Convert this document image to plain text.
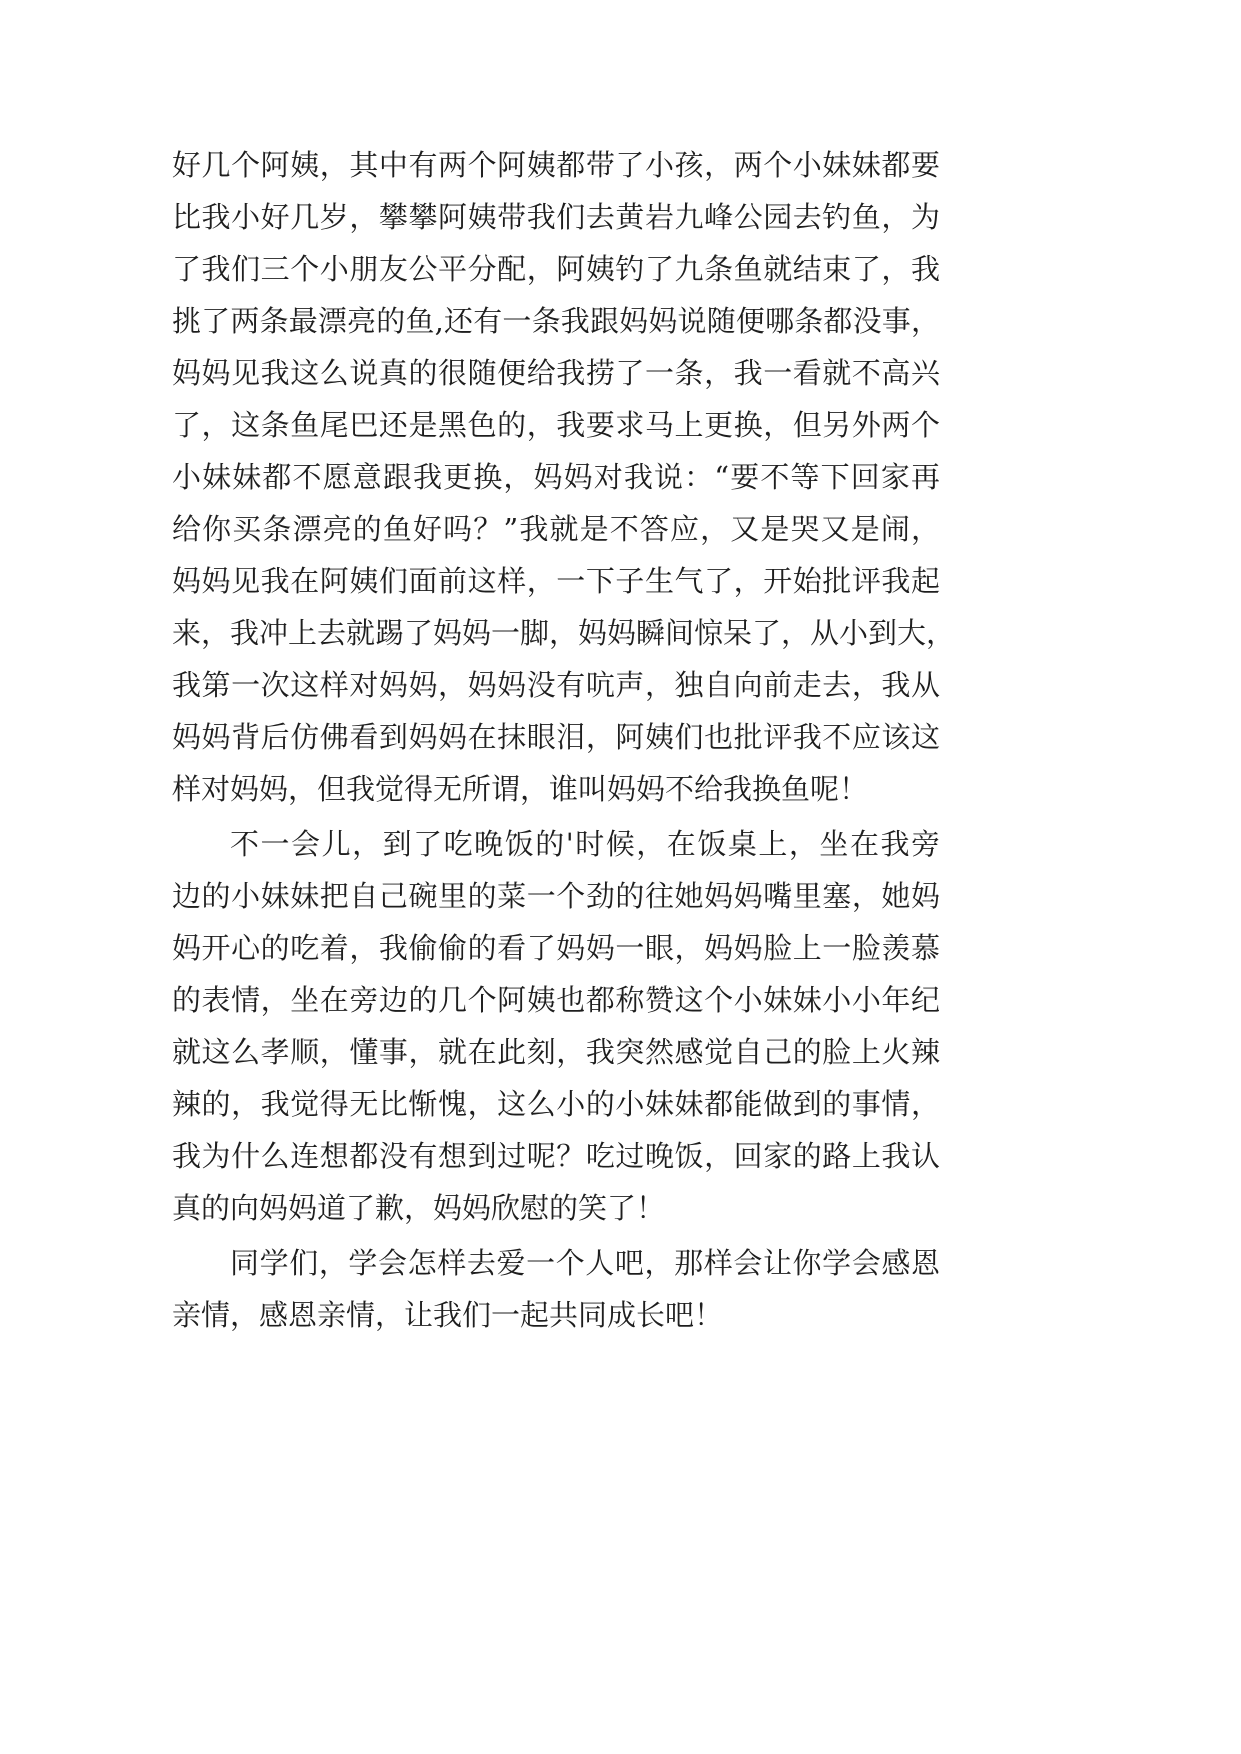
好几个阿姨，其中有两个阿姨都带了小孩，两个小妹妹都要
比我小好几岁，攀攀阿姨带我们去黄岩九峰公园去钓鱼，为
了我们三个小朋友公平分配，阿姨钓了九条鱼就结束了，我
挑了两条最漂亮的鱼,还有一条我跟妈妈说随便哪条都没事，
妈妈见我这么说真的很随便给我捞了一条，我一看就不高兴
了，这条鱼尾巴还是黑色的，我要求马上更换，但另外两个
小妹妹都不愿意跟我更换，妈妈对我说：“要不等下回家再
给你买条漂亮的鱼好吗？”我就是不答应，又是哭又是闹，
妈妈见我在阿姨们面前这样，一下子生气了，开始批评我起
来，我冲上去就踢了妈妈一脚，妈妈瞬间惊呆了，从小到大，
我第一次这样对妈妈，妈妈没有吭声，独自向前走去，我从
妈妈背后仿佛看到妈妈在抹眼泪，阿姨们也批评我不应该这
样对妈妈，但我觉得无所谓，谁叫妈妈不给我换鱼呢！
不一会儿，到了吃晚饭的'时候，在饭桌上，坐在我旁
边的小妹妹把自己碗里的菜一个劲的往她妈妈嘴里塞，她妈
妈开心的吃着，我偷偷的看了妈妈一眼，妈妈脸上一脸羡慕
的表情，坐在旁边的几个阿姨也都称赞这个小妹妹小小年纪
就这么孝顺，懂事，就在此刻，我突然感觉自己的脸上火辣
辣的，我觉得无比惭愧，这么小的小妹妹都能做到的事情，
我为什么连想都没有想到过呢？吃过晚饭，回家的路上我认
真的向妈妈道了歉，妈妈欣慰的笑了！
同学们，学会怎样去爱一个人吧，那样会让你学会感恩
亲情，感恩亲情，让我们一起共同成长吧！
